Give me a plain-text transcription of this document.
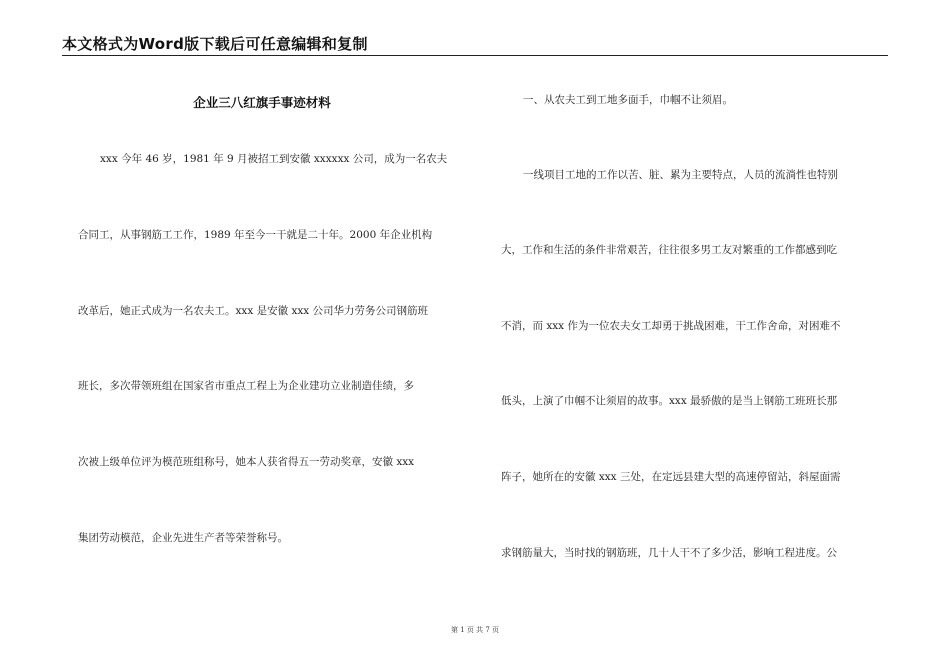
本文格式为Word版下载后可任意编辑和复制
企业三八红旗手事迹材料
xxx 今年 46 岁，1981 年 9 月被招工到安徽 xxxxxx 公司，成为一名农夫
合同工，从事钢筋工工作，1989 年至今一干就是二十年。2000 年企业机构
改革后，她正式成为一名农夫工。xxx 是安徽 xxx 公司华力劳务公司钢筋班
班长，多次带领班组在国家省市重点工程上为企业建功立业制造佳绩，多
次被上级单位评为模范班组称号，她本人获省得五一劳动奖章，安徽 xxx
集团劳动模范，企业先进生产者等荣誉称号。
一、从农夫工到工地多面手，巾帼不让须眉。
一线项目工地的工作以苦、脏、累为主要特点，人员的流淌性也特别
大，工作和生活的条件非常艰苦，往往很多男工友对繁重的工作都感到吃
不消，而 xxx 作为一位农夫女工却勇于挑战困难，干工作舍命，对困难不
低头，上演了巾帼不让须眉的故事。xxx 最骄傲的是当上钢筋工班班长那
阵子，她所在的安徽 xxx 三处，在定远县建大型的高速停留站，斜屋面需
求钢筋量大，当时找的钢筋班，几十人干不了多少活，影响工程进度。公
第 1 页 共 7 页
